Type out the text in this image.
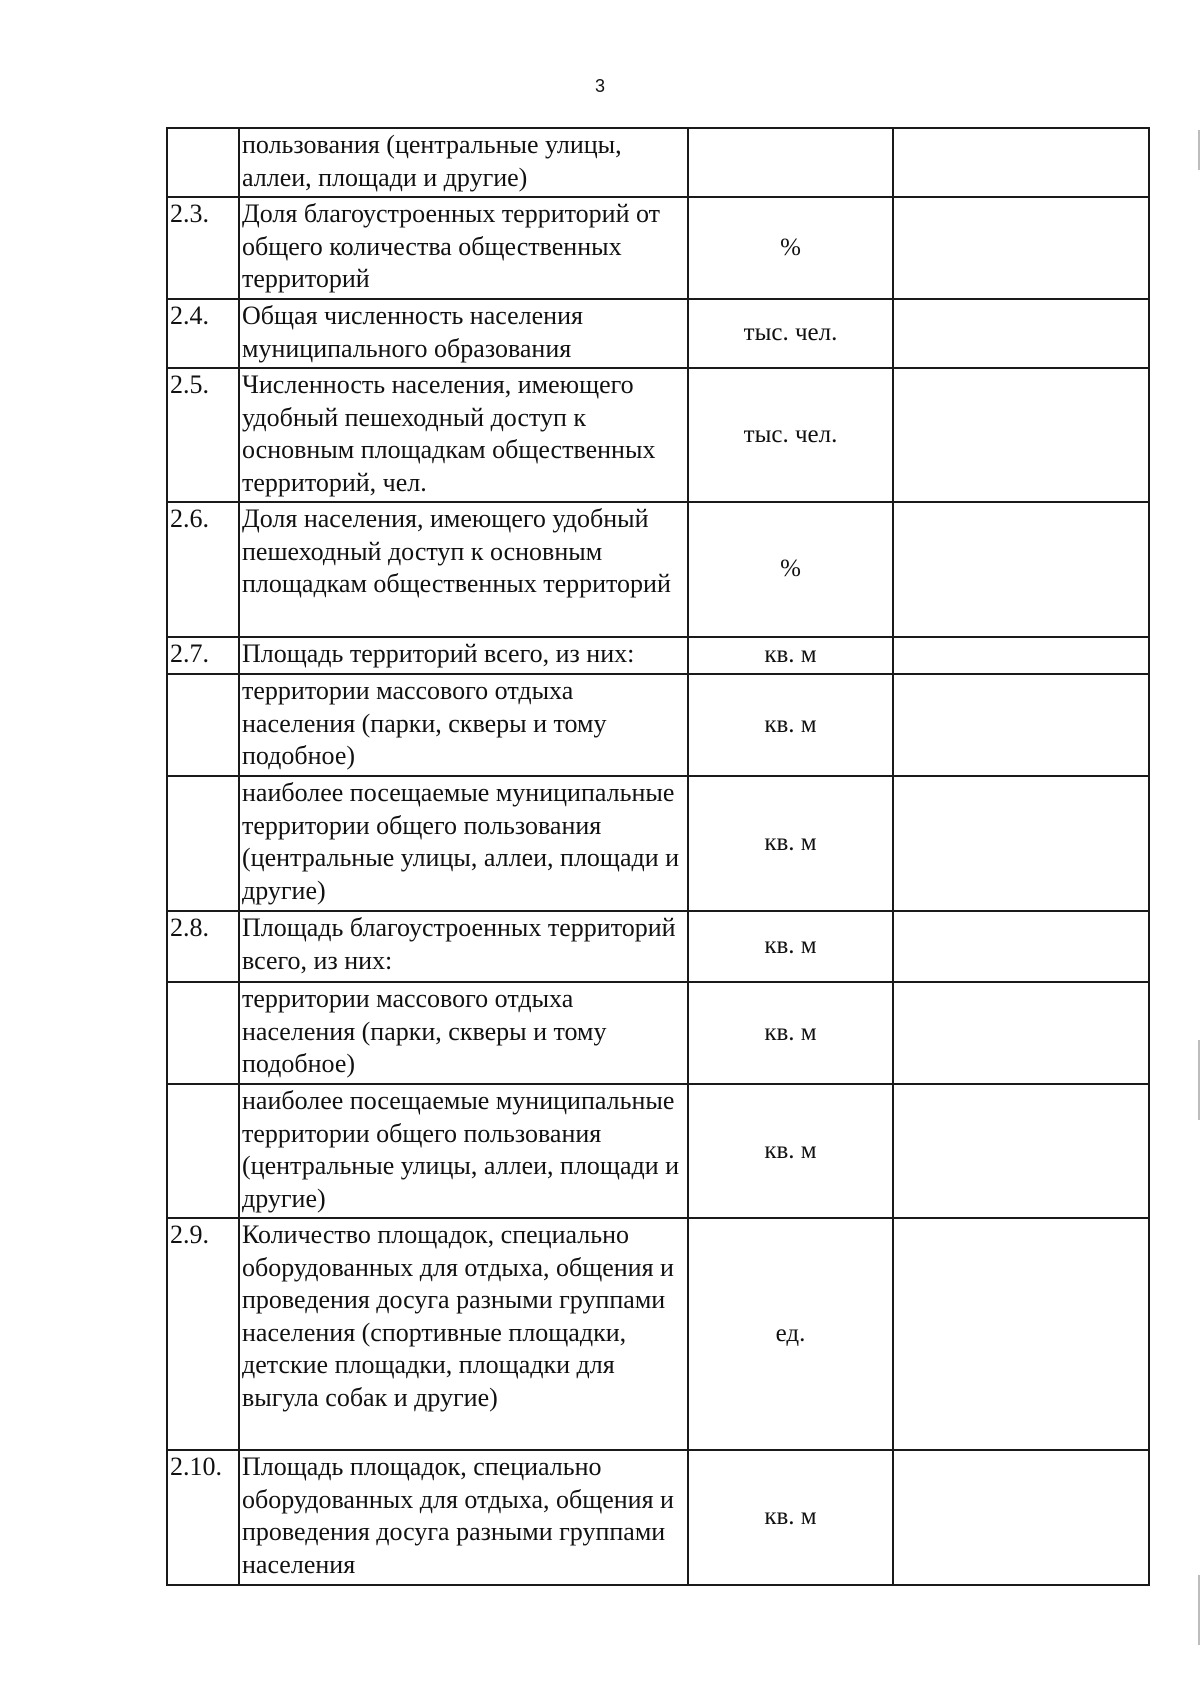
3
	пользования (центральные улицы, аллеи, площади и другие)		
2.3.	Доля благоустроенных территорий от общего количества общественных территорий	%	
2.4.	Общая численность населения муниципального образования	тыс. чел.	
2.5.	Численность населения, имеющего удобный пешеходный доступ к основным площадкам общественных территорий, чел.	тыс. чел.	
2.6.	Доля населения, имеющего удобный пешеходный доступ к основным площадкам общественных территорий	%	
2.7.	Площадь территорий всего, из них:	кв. м	
	территории массового отдыха населения (парки, скверы и тому подобное)	кв. м	
	наиболее посещаемые муниципальные территории общего пользования (центральные улицы, аллеи, площади и другие)	кв. м	
2.8.	Площадь благоустроенных территорий всего, из них:	кв. м	
	территории массового отдыха населения (парки, скверы и тому подобное)	кв. м	
	наиболее посещаемые муниципальные территории общего пользования (центральные улицы, аллеи, площади и другие)	кв. м	
2.9.	Количество площадок, специально оборудованных для отдыха, общения и проведения досуга разными группами населения (спортивные площадки, детские площадки, площадки для выгула собак и другие)	ед.	
2.10.	Площадь площадок, специально оборудованных для отдыха, общения и проведения досуга разными группами населения	кв. м	
